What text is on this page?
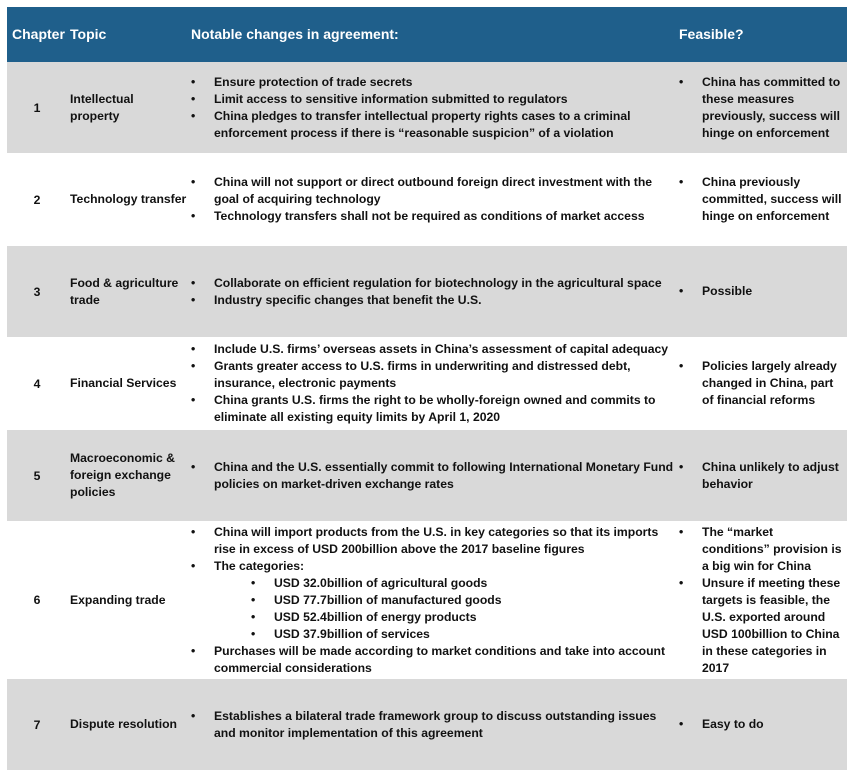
Chapter Topic	Notable changes in agreement:	Feasible?
1
Intellectual property
• Ensure protection of trade secrets
• Limit access to sensitive information submitted to regulators
• China pledges to transfer intellectual property rights cases to a criminal enforcement process if there is “reasonable suspicion” of a violation
• China has committed to these measures previously, success will hinge on enforcement
2 Technology transfer
• China will not support or direct outbound foreign direct investment with the goal of acquiring technology
• Technology transfers shall not be required as conditions of market access
• China previously committed, success will hinge on enforcement
3
Food & agriculture trade
• Collaborate on efficient regulation for biotechnology in the agricultural space
• Industry specific changes that benefit the U.S.
• Possible
4 Financial Services
• Include U.S. firms’ overseas assets in China’s assessment of capital adequacy
• Grants greater access to U.S. firms in underwriting and distressed debt, insurance, electronic payments
• China grants U.S. firms the right to be wholly-foreign owned and commits to eliminate all existing equity limits by April 1, 2020
• Policies largely already changed in China, part of financial reforms
5
Macroeconomic & foreign exchange policies
• China and the U.S. essentially commit to following International Monetary Fund policies on market-driven exchange rates
• China unlikely to adjust behavior
6 Expanding trade
• China will import products from the U.S. in key categories so that its imports rise in excess of USD 200billion above the 2017 baseline figures
• The categories:
• USD 32.0billion of agricultural goods
• USD 77.7billion of manufactured goods
• USD 52.4billion of energy products
• USD 37.9billion of services
• Purchases will be made according to market conditions and take into account commercial considerations
• The “market conditions” provision is a big win for China
• Unsure if meeting these targets is feasible, the U.S. exported around USD 100billion to China in these categories in 2017
7 Dispute resolution
• Establishes a bilateral trade framework group to discuss outstanding issues and monitor implementation of this agreement
• Easy to do
